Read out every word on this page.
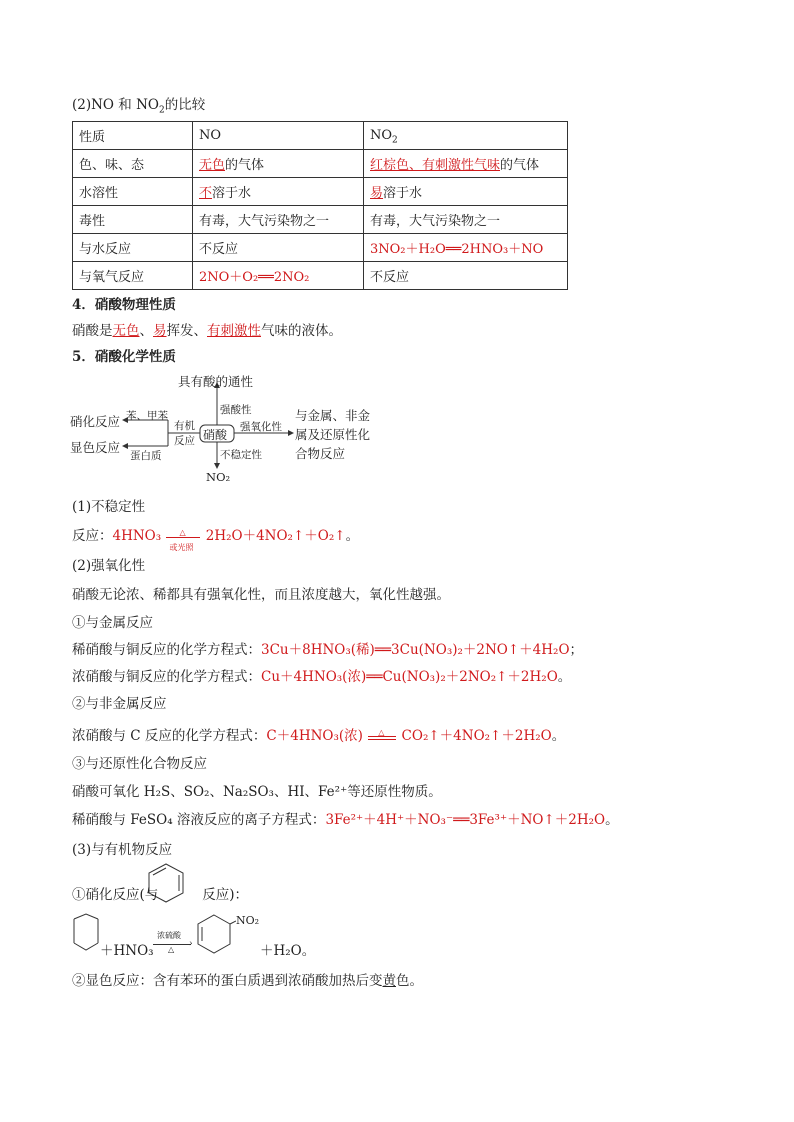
(2)NO 和 $NO_2$的比较
性质	NO	$NO_2$
色、味、态	无色的气体	红棕色、有刺激性气味的气体
水溶性	不溶于水	易溶于水
毒性	有毒，大气污染物之一	有毒，大气污染物之一
与水反应	不反应	3NO₂＋H₂O══2HNO₃＋NO
与氧气反应	2NO＋O₂══2NO₂	不反应
4．硝酸物理性质
硝酸是无色、易挥发、有刺激性气味的液体。
5．硝酸化学性质
具有酸的通性
强酸性
硝酸
强氧化性
与金属、非金
属及还原性化
合物反应
不稳定性
NO₂
有机
反应
硝化反应 苯、甲苯
显色反应
蛋白质
(1)不稳定性
反应：4HNO₃ △
或光照
2H₂O＋4NO₂↑＋O₂↑。
(2)强氧化性
硝酸无论浓、稀都具有强氧化性，而且浓度越大，氧化性越强。
①与金属反应
稀硝酸与铜反应的化学方程式：3Cu＋8HNO₃(稀)══3Cu(NO₃)₂＋2NO↑＋4H₂O；
浓硝酸与铜反应的化学方程式：Cu＋4HNO₃(浓)══Cu(NO₃)₂＋2NO₂↑＋2H₂O。
②与非金属反应
浓硝酸与 C 反应的化学方程式：C＋4HNO₃(浓) △ CO₂↑＋4NO₂↑＋2H₂O。
③与还原性化合物反应
硝酸可氧化 H₂S、SO₂、Na₂SO₃、HI、Fe²⁺等还原性物质。
稀硝酸与 FeSO₄ 溶液反应的离子方程式：3Fe²⁺＋4H⁺＋NO₃⁻══3Fe³⁺＋NO↑＋2H₂O。
(3)与有机物反应
①硝化反应(与	反应)：
＋HNO₃
浓硫酸
›
△
NO₂
＋H₂O。
②显色反应：含有苯环的蛋白质遇到浓硝酸加热后变黄色。
